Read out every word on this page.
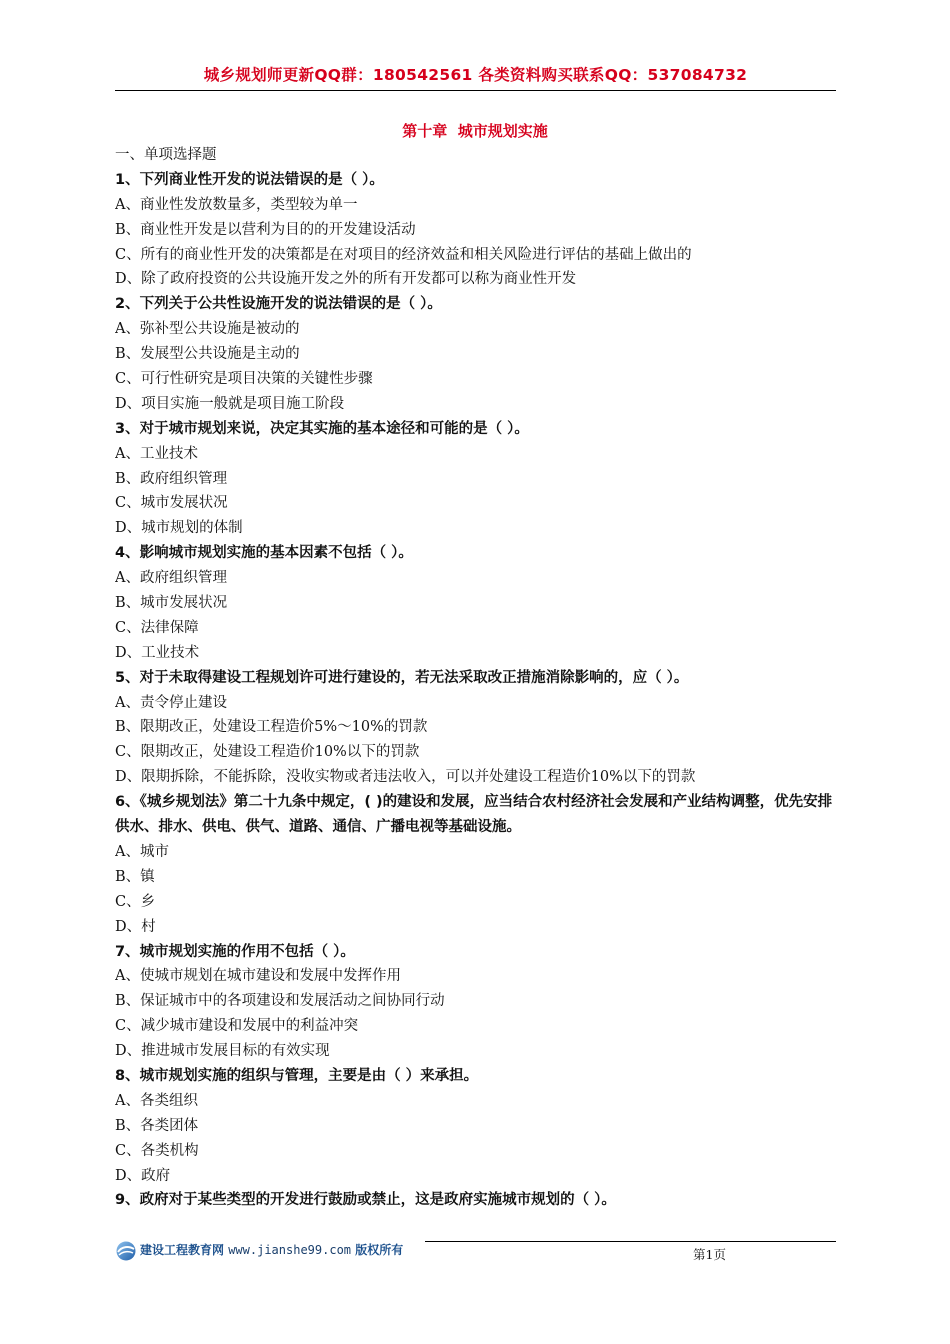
城乡规划师更新QQ群：180542561 各类资料购买联系QQ：537084732
第十章  城市规划实施
一、单项选择题
1、下列商业性开发的说法错误的是（ ）。
A、商业性发放数量多，类型较为单一
B、商业性开发是以营利为目的的开发建设活动
C、所有的商业性开发的决策都是在对项目的经济效益和相关风险进行评估的基础上做出的
D、除了政府投资的公共设施开发之外的所有开发都可以称为商业性开发
2、下列关于公共性设施开发的说法错误的是（ ）。
A、弥补型公共设施是被动的
B、发展型公共设施是主动的
C、可行性研究是项目决策的关键性步骤
D、项目实施一般就是项目施工阶段
3、对于城市规划来说，决定其实施的基本途径和可能的是（ ）。
A、工业技术
B、政府组织管理
C、城市发展状况
D、城市规划的体制
4、影响城市规划实施的基本因素不包括（ ）。
A、政府组织管理
B、城市发展状况
C、法律保障
D、工业技术
5、对于未取得建设工程规划许可进行建设的，若无法采取改正措施消除影响的，应（ ）。
A、责令停止建设
B、限期改正，处建设工程造价5%～10%的罚款
C、限期改正，处建设工程造价10%以下的罚款
D、限期拆除，不能拆除，没收实物或者违法收入，可以并处建设工程造价10%以下的罚款
6、《城乡规划法》第二十九条中规定，( )的建设和发展，应当结合农村经济社会发展和产业结构调整，优先安排供水、排水、供电、供气、道路、通信、广播电视等基础设施。
A、城市
B、镇
C、乡
D、村
7、城市规划实施的作用不包括（ ）。
A、使城市规划在城市建设和发展中发挥作用
B、保证城市中的各项建设和发展活动之间协同行动
C、减少城市建设和发展中的利益冲突
D、推进城市发展目标的有效实现
8、城市规划实施的组织与管理，主要是由（ ）来承担。
A、各类组织
B、各类团体
C、各类机构
D、政府
9、政府对于某些类型的开发进行鼓励或禁止，这是政府实施城市规划的（ ）。
建设工程教育网 www.jianshe99.com 版权所有	第1页
